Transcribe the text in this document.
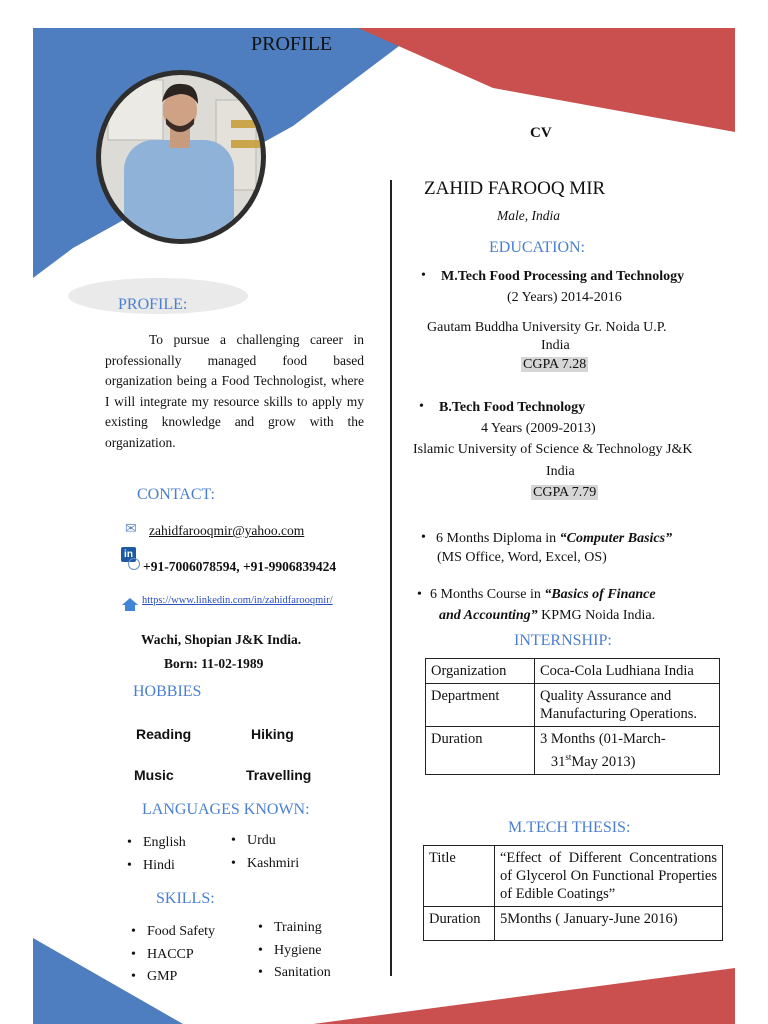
PROFILE
CV
PROFILE:
To pursue a challenging career in professionally managed food based organization being a Food Technologist, where I will integrate my resource skills to apply my existing knowledge and grow with the organization.
CONTACT:
✉ zahidfarooqmir@yahoo.com
in
+91-7006078594, +91-9906839424
https://www.linkedin.com/in/zahidfarooqmir/
Wachi, Shopian J&K India.
Born: 11-02-1989
HOBBIES
Reading	Hiking
Music	Travelling
LANGUAGES KNOWN:
• English
• Hindi
• Urdu
• Kashmiri
SKILLS:
• Food Safety
• HACCP
• GMP
• Training
• Hygiene
• Sanitation
ZAHID FAROOQ MIR
Male, India
EDUCATION:
• M.Tech Food Processing and Technology
(2 Years) 2014-2016
Gautam Buddha University Gr. Noida U.P.
India
CGPA 7.28
• B.Tech Food Technology
4 Years (2009-2013)
Islamic University of Science & Technology J&K
India
CGPA 7.79
• 6 Months Diploma in “Computer Basics”
(MS Office, Word, Excel, OS)
• 6 Months Course in “Basics of Finance
and Accounting” KPMG Noida India.
INTERNSHIP:
Organization	Coca-Cola Ludhiana India
Department	Quality Assurance and Manufacturing Operations.
Duration	3 Months (01-March-
31stMay 2013)
M.TECH THESIS:
Title	“Effect of Different Concentrations of Glycerol On Functional Properties of Edible Coatings”
Duration	5Months ( January-June 2016)
